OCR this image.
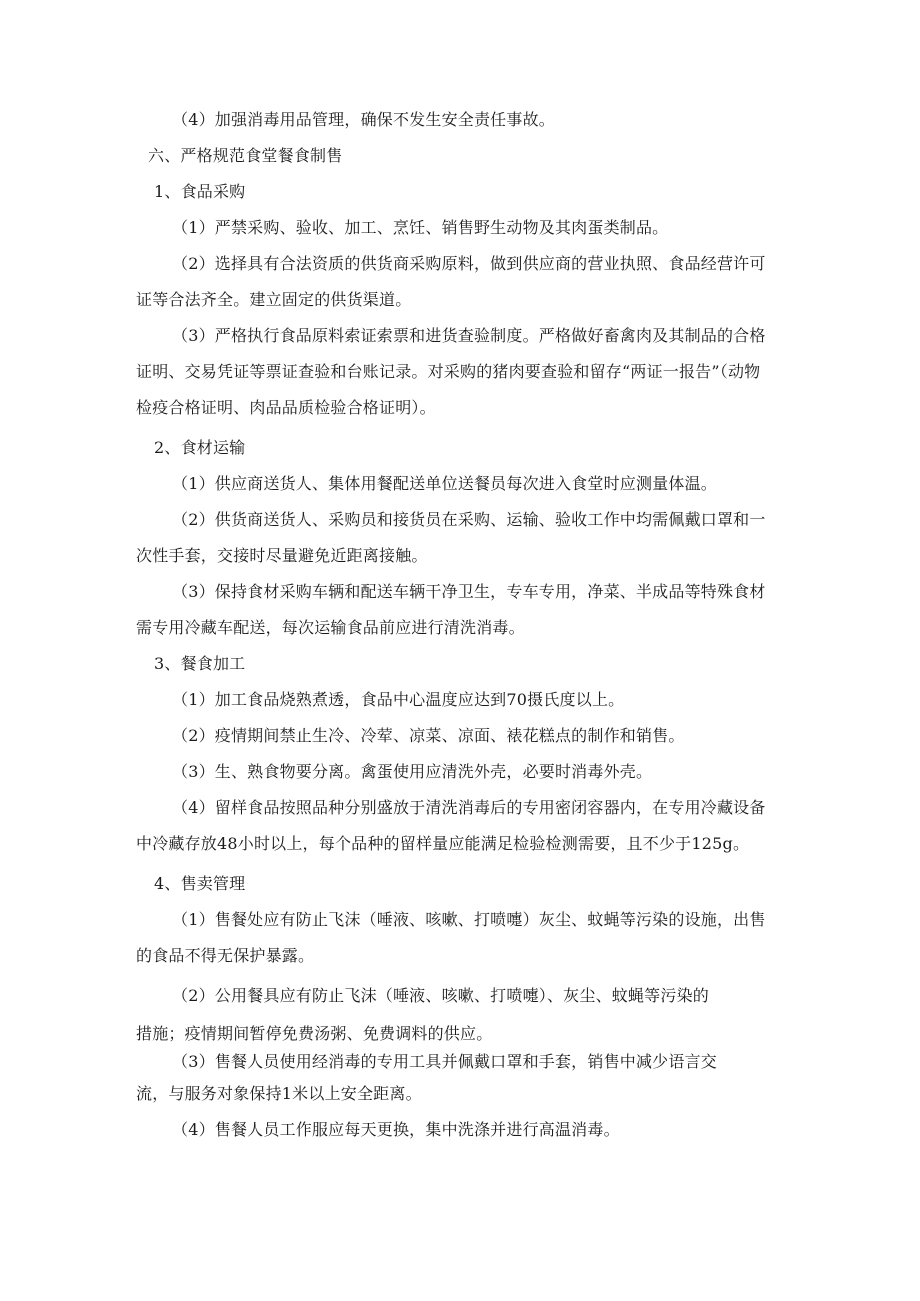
（4）加强消毒用品管理，确保不发生安全责任事故。
六、严格规范食堂餐食制售
1、食品采购
（1）严禁采购、验收、加工、烹饪、销售野生动物及其肉蛋类制品。
（2）选择具有合法资质的供货商采购原料，做到供应商的营业执照、食品经营许可
证等合法齐全。建立固定的供货渠道。
（3）严格执行食品原料索证索票和进货查验制度。严格做好畜禽肉及其制品的合格
证明、交易凭证等票证查验和台账记录。对采购的猪肉要查验和留存“两证一报告”（动物
检疫合格证明、肉品品质检验合格证明）。
2、食材运输
（1）供应商送货人、集体用餐配送单位送餐员每次进入食堂时应测量体温。
（2）供货商送货人、采购员和接货员在采购、运输、验收工作中均需佩戴口罩和一
次性手套，交接时尽量避免近距离接触。
（3）保持食材采购车辆和配送车辆干净卫生，专车专用，净菜、半成品等特殊食材
需专用冷藏车配送，每次运输食品前应进行清洗消毒。
3、餐食加工
（1）加工食品烧熟煮透，食品中心温度应达到70摄氏度以上。
（2）疫情期间禁止生冷、冷荤、凉菜、凉面、裱花糕点的制作和销售。
（3）生、熟食物要分离。禽蛋使用应清洗外壳，必要时消毒外壳。
（4）留样食品按照品种分别盛放于清洗消毒后的专用密闭容器内，在专用冷藏设备
中冷藏存放48小时以上，每个品种的留样量应能满足检验检测需要，且不少于125g。
4、售卖管理
（1）售餐处应有防止飞沫（唾液、咳嗽、打喷嚏）灰尘、蚊蝇等污染的设施，出售
的食品不得无保护暴露。
（2）公用餐具应有防止飞沫（唾液、咳嗽、打喷嚏）、灰尘、蚊蝇等污染的
措施；疫情期间暂停免费汤粥、免费调料的供应。
（3）售餐人员使用经消毒的专用工具并佩戴口罩和手套，销售中减少语言交
流，与服务对象保持1米以上安全距离。
（4）售餐人员工作服应每天更换，集中洗涤并进行高温消毒。
